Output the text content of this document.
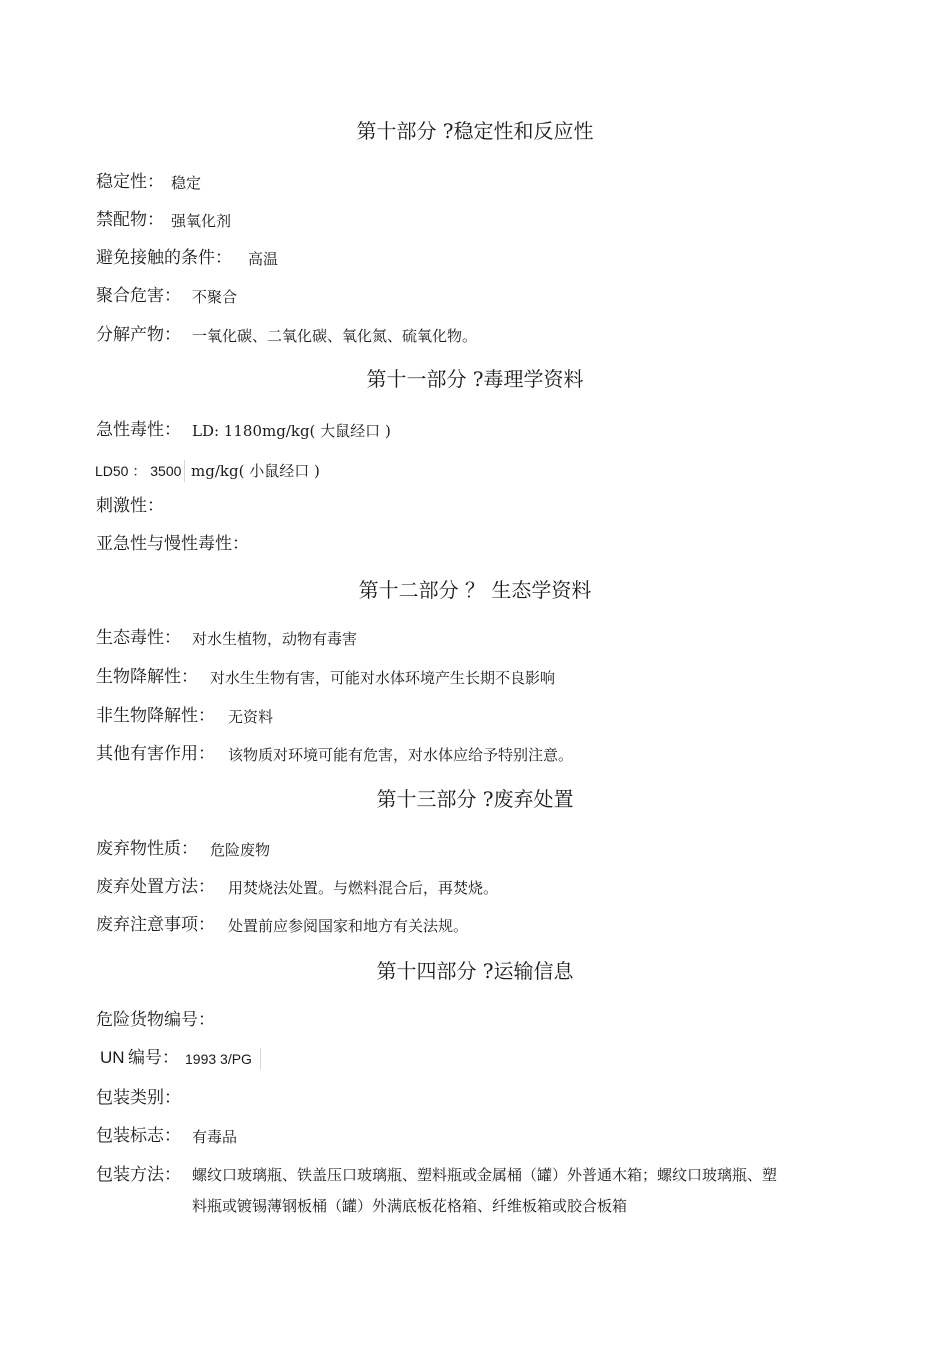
第十部分 ?稳定性和反应性
稳定性： 稳定
禁配物： 强氧化剂
避免接触的条件： 高温
聚合危害： 不聚合
分解产物： 一氧化碳、二氧化碳、氧化氮、硫氧化物。
第十一部分 ?毒理学资料
急性毒性： LD: 1180mg/kg( 大鼠经口 )
LD50 ： 3500 mg/kg( 小鼠经口 )
刺激性：
亚急性与慢性毒性：
第十二部分 ？ 生态学资料
生态毒性： 对水生植物，动物有毒害
生物降解性： 对水生生物有害，可能对水体环境产生长期不良影响
非生物降解性： 无资料
其他有害作用： 该物质对环境可能有危害，对水体应给予特别注意。
第十三部分 ?废弃处置
废弃物性质： 危险废物
废弃处置方法： 用焚烧法处置。与燃料混合后，再焚烧。
废弃注意事项： 处置前应参阅国家和地方有关法规。
第十四部分 ?运输信息
危险货物编号：
UN 编号： 1993 3/PG
包装类别：
包装标志： 有毒品
包装方法： 螺纹口玻璃瓶、铁盖压口玻璃瓶、塑料瓶或金属桶（罐）外普通木箱；螺纹口玻璃瓶、塑
料瓶或镀锡薄钢板桶（罐）外满底板花格箱、纤维板箱或胶合板箱
